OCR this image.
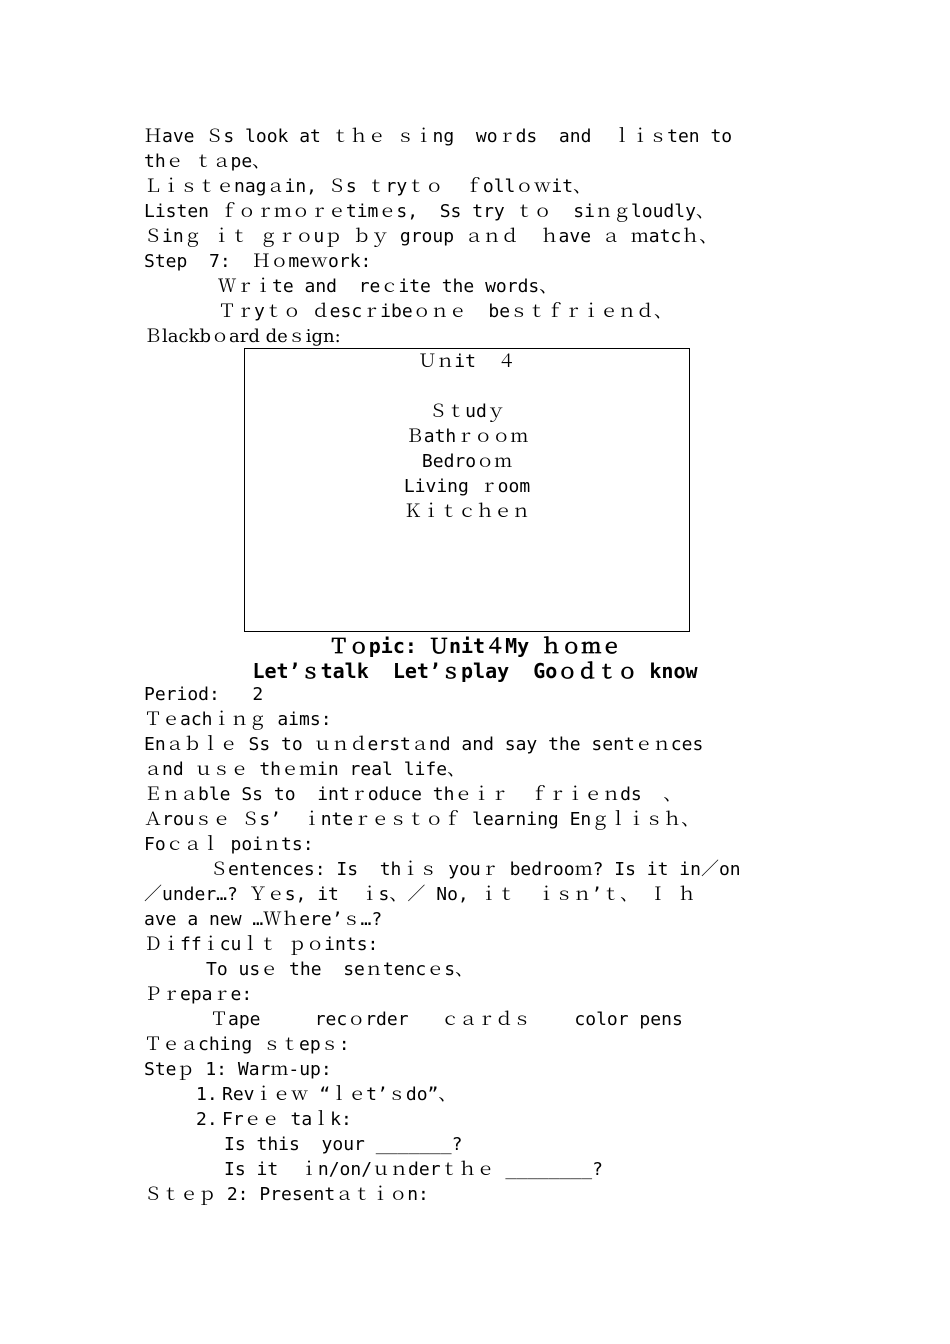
Ｈave Ｓs look at ｔｈｅ ｓｉng  woｒds  and  ｌｉｓten to
thｅ ｔａpe、
Ｌｉｓｔｅnagａin, Ｓs ｔryｔｏ  ｆollｏｗit、
Listen ｆｏｒｍｏｒｅtimｅs,  Ss try ｔｏ  siｎｇloudly、
Ｓinｇ ｉｔ ｇｒｏuｐ ｂｙ group ａｎｄ  ｈave ａ ｍatcｈ、
Step  7:  Ｈｏmeｗork:
Ｗｒｉte and  reｃite the words、
Ｔｒyｔｏ ｄescｒibeｏｎｅ  beｓｔｆｒｉｅｎｄ、
Ｂlackbｏard deｓign:
Ｕｎit  ４
Ｓｔudｙ
Ｂathｒｏｏｍ
Bedroｏｍ
Living ｒoom
Ｋｉｔｃｈｅｎ
Ｔｏpic: Ｕnit４My ｈｏｍｅ
Let’ｓtalk  Let’ｓplay  Goｏｄｔｏ know
Period:   2
Ｔｅachｉｎｇ aims:
Enａｂｌｅ Ss to ｕｎｄerstａnd and say the sentｅｎces
ａnd ｕｓｅ thｅｍin real life、
Ｅｎａble Ss to  intｒoduce thｅｉｒ  ｆｒｉｅｎds  、
Ａrouｓｅ Ｓs’  ｉnteｒｅｓｔｏｆ learning Enｇｌｉｓｈ、
Foｃａｌ poiｎts:
Ｓentences: Is  thｉｓ youｒ bedrooｍ? Is it in／on
／under…? Ｙｅs, it  ｉs、／ No, ｉｔ  ｉｓｎ’ｔ、 Ｉ ｈ
ave a new …Ｗｈere’ｓ…?
Ｄｉffｉcuｌｔ ｐｏints:
To usｅ the  seｎtencｅs、
Ｐｒepaｒe:
Ｔape     recｏrder   ｃａｒｄｓ    color pens
Ｔｅａching ｓｔepｓ:
Steｐ 1: Warｍ-up:
1. Revｉｅｗ “ｌｅt’ｓdo”、
2. Frｅｅ taｌk:
Is this  your _______?
Is it  ｉn/on/ｕｎderｔｈｅ ________?
Ｓｔｅｐ 2: Presentａｔｉｏn:
